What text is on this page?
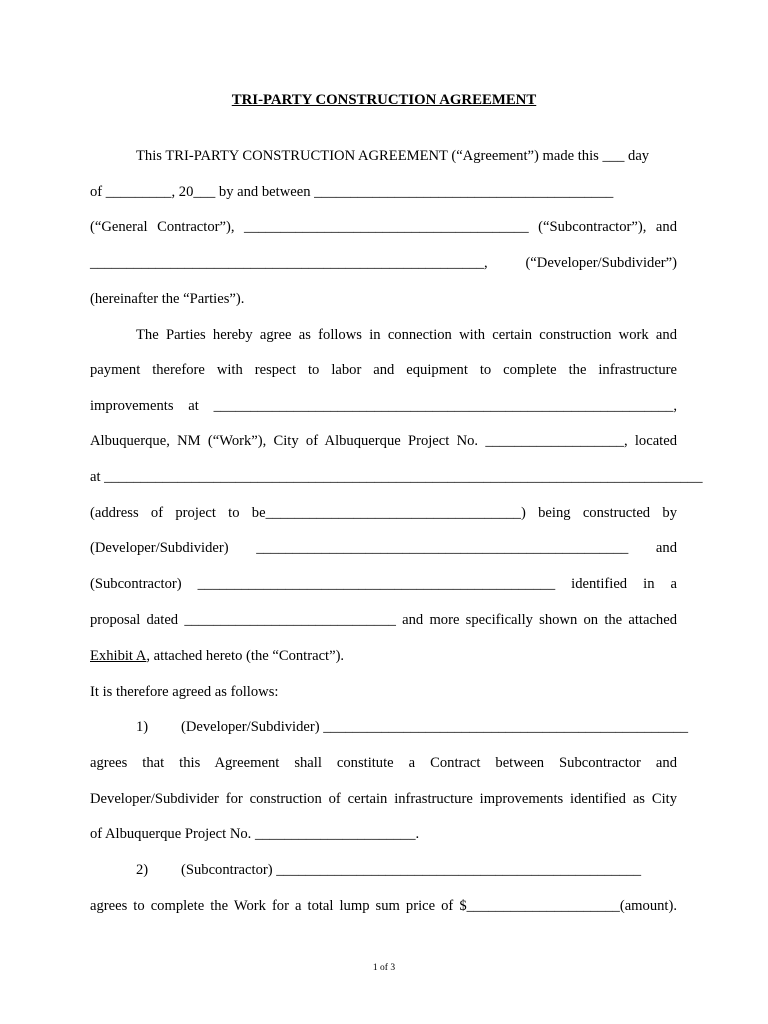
TRI-PARTY CONSTRUCTION AGREEMENT
This TRI-PARTY CONSTRUCTION AGREEMENT (“Agreement”) made this ___ day
of _________, 20___ by and between _________________________________________
(“General Contractor”), _______________________________________ (“Subcontractor”), and
______________________________________________________, (“Developer/Subdivider”)
(hereinafter the “Parties”).
The Parties hereby agree as follows in connection with certain construction work and
payment therefore with respect to labor and equipment to complete the infrastructure
improvements at _______________________________________________________________,
Albuquerque, NM (“Work”), City of Albuquerque Project No. ___________________, located
at __________________________________________________________________________________
(address of project to be___________________________________) being constructed by
(Developer/Subdivider) ___________________________________________________ and
(Subcontractor) _________________________________________________ identified in a
proposal dated _____________________________ and more specifically shown on the attached
Exhibit A, attached hereto (the “Contract”).
It is therefore agreed as follows:
1) (Developer/Subdivider) __________________________________________________
agrees that this Agreement shall constitute a Contract between Subcontractor and
Developer/Subdivider for construction of certain infrastructure improvements identified as City
of Albuquerque Project No. ______________________.
2) (Subcontractor) __________________________________________________
agrees to complete the Work for a total lump sum price of $_____________________(amount).
1 of 3
